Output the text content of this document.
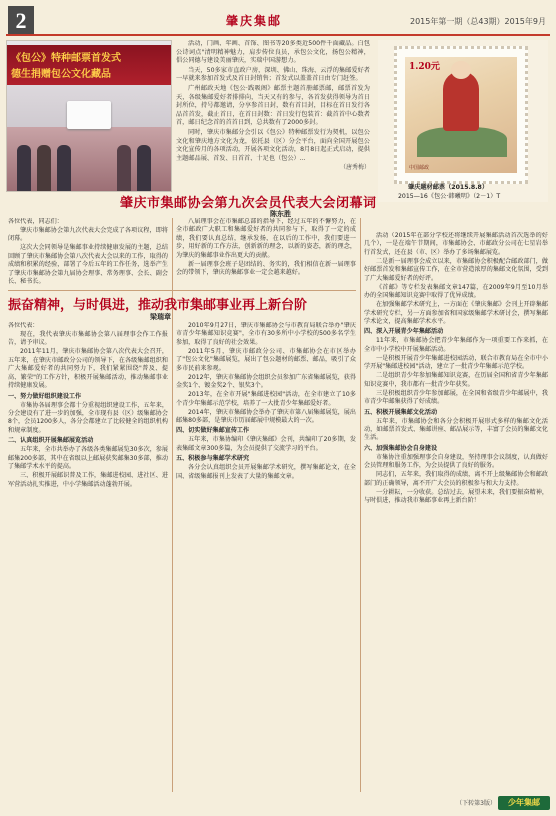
2	肇庆集邮	2015年第一期（总43期）2015年9月
《包公》特种邮票首发式
德生捐赠包公文化藏品

活动，门画、年画、首饰、图书等20多类近500件千面藏品。白包公诗词点"清明精神魅力，肩步传位良员，承包公文化，扬包公精神，倡公同德与建设美丽肇庆，实瑞中国游想力。

当天，50多家市直政户房，深圳、佛山、珠海、云浮的集邮爱好者一早就来参加首发式及首日封销售；首发式以盖盖首日由专门赶签。

广州邮政天地《包公·践吸阁》邮票主题首册邮票邮，邮票首发为天，各级集邮爱好者排排向，当天又有的参与，各首发获得领导为首日封所位，持号都邀请，分享参首日封，数有首目封，目标在首日发行各品首首发，截止首日，在首日封数：首日发行包装首：截首首中心数者首，邮日纪念首的首首日到，总共数有了2000多封。

同时，肇庆市集邮分会引以《包公》特种邮票发行为契机，以包公文化和肇庆地方文化为龙，依托县（区）分会平台，面向全国开展包公文化宣传月的各项活动，开展各项文化活动，8月8日起正式启动，提供主题邮品展、首发、日首首、十足也（包公）...

（唐秀梅）
1.20元
中国邮政
肇庆题材邮票（2015.8.8）
2015—16《包公·韩曦明》（2－1）T
肇庆市集邮协会第九次会员代表大会闭幕词
陈东胜

各位代表，同志们：

肇庆市集邮协会第九次代表大会完成了各项议程，即将闭幕。

这次大会同领导是集邮事业持续健康发展的主题，总结回顾了肇庆市集邮协会第八次代表大会以来的工作，取得的成绩和积累的经验，部署了今后五年的工作任务，选举产生了肇庆市集邮协会第九届协会理事、常务理事、会长、副会长、秘书长。

八届理事会在市集邮总部的指导下，经过五年的不懈努力，在全市邮政广大职工和集邮爱好者的共同参与下，取得了一定的成绩，我们要认真总结，继承发扬，在以后的工作中，我们要进一步，用好新的工作方法，创新新的理念，以新的姿态，新的理念，为肇庆的集邮事业作出更大的贡献。

新一届理事会班子是团结的、务实的，我们相信在新一届理事会的带领下，肇庆的集邮事业一定会越来越好。

振奋精神，与时俱进，推动我市集邮事业再上新台阶
梁瑞章

各位代表：

现在，我代表肇庆市集邮协会第八届理事会作工作报告，请予审议。

2011年11月，肇庆市集邮协会第八次代表大会召开，五年来，在肇庆市邮政分公司的领导下，在各级集邮组织和广大集邮爱好者的共同努力下，我们紧紧围绕"普及、提高、繁荣"的工作方针，积极开展集邮活动，推动集邮事业持续健康发展。

一、努力做好组织建设工作

市集协各届理事会都十分重视组织建设工作，五年来，分会建设有了进一步的加强，全市现有县（区）级集邮协会8个，会员1200多人，各分会都建立了比较健全的组织机构和规章制度。

二、认真组织开展集邮展览活动

五年来，全市共举办了各级各类集邮展览30多次，参展邮集200多部，其中在省级以上邮展获奖邮集30多部，推动了集邮学术水平的提高。

三、积极开展邮识普及工作，集邮进校园、进社区、进军营活动扎实推进，中小学集邮活动蓬勃开展。

2010年9月27日，肇庆市集邮协会与市教育局联合举办"肇庆市青少年集邮知识竞赛"，全市有30多所中小学校的500多名学生参加，取得了良好的社会效果。

2011年5月，肇庆市邮政分公司、市集邮协会在市区举办了"包公文化"集邮展览，展出了包公题材的邮票、邮品，吸引了众多市民前来参观。

2012年，肇庆市集邮协会组织会员参加广东省集邮展览，获得金奖1个、镀金奖2个、银奖3个。

2013年，在全市开展"集邮进校园"活动，在全市建立了10多个青少年集邮示范学校，培养了一大批青少年集邮爱好者。

2014年，肇庆市集邮协会举办了肇庆市第八届集邮展览，展出邮集80多部，是肇庆市历届邮展中规模最大的一次。

四、切实做好集邮宣传工作

五年来，市集协编印《肇庆集邮》会刊，共编印了20多期，发表集邮文章300多篇，为会员提供了交流学习的平台。

五、积极参与集邮学术研究

各分会认真组织会员开展集邮学术研究，撰写集邮论文，在全国、省级集邮报刊上发表了大量的集邮文章。

活动（2015年在部分学校还将继续开展集邮活动首次选举的好几个），一是在端午节期间，市集邮协会、市邮政分公司在七星岩举行首发式，还在县（市、区）举办了多场集邮展览。

二是新一届理事会成立以来，市集邮协会积极配合邮政部门，做好邮票首发和集邮宣传工作，在全市营造浓厚的集邮文化氛围，受到了广大集邮爱好者的好评。

《首邮》等专栏发表集邮文章147篇，在2009年9月至10月举办的全国集邮知识竞赛中取得了优异成绩。

在加强集邮学术研究上，一方面在《肇庆集邮》会刊上开辟集邮学术研究专栏，另一方面参加省和国家级集邮学术研讨会，撰写集邮学术论文，提高集邮学术水平。

四、深入开展青少年集邮活动

11年来，市集邮协会把青少年集邮作为一项重要工作来抓，在全市中小学校中开展集邮活动。

一是积极开展青少年集邮进校园活动，联合市教育局在全市中小学开展"集邮进校园"活动，建立了一批青少年集邮示范学校。

二是组织青少年参加集邮知识竞赛，在历届全国和省青少年集邮知识竞赛中，我市都有一批青少年获奖。

三是积极组织青少年参加邮展，在全国和省级青少年邮展中，我市青少年邮集获得了好成绩。

五、积极开展集邮文化活动

五年来，市集邮协会和各分会积极开展形式多样的集邮文化活动，如邮票首发式、集邮讲座、邮品展示等，丰富了会员的集邮文化生活。

六、加强集邮协会自身建设

市集协注重加强理事会自身建设，坚持理事会议制度，认真做好会员管理和服务工作，为会员提供了良好的服务。

同志们，五年来，我们取得的成绩，离不开上级集邮协会和邮政部门的正确领导，离不开广大会员的积极参与和大力支持。

一分耕耘，一分收获。总结过去，展望未来，我们要振奋精神，与时俱进，推动我市集邮事业再上新台阶！

（下转第3版）	少年集邮
